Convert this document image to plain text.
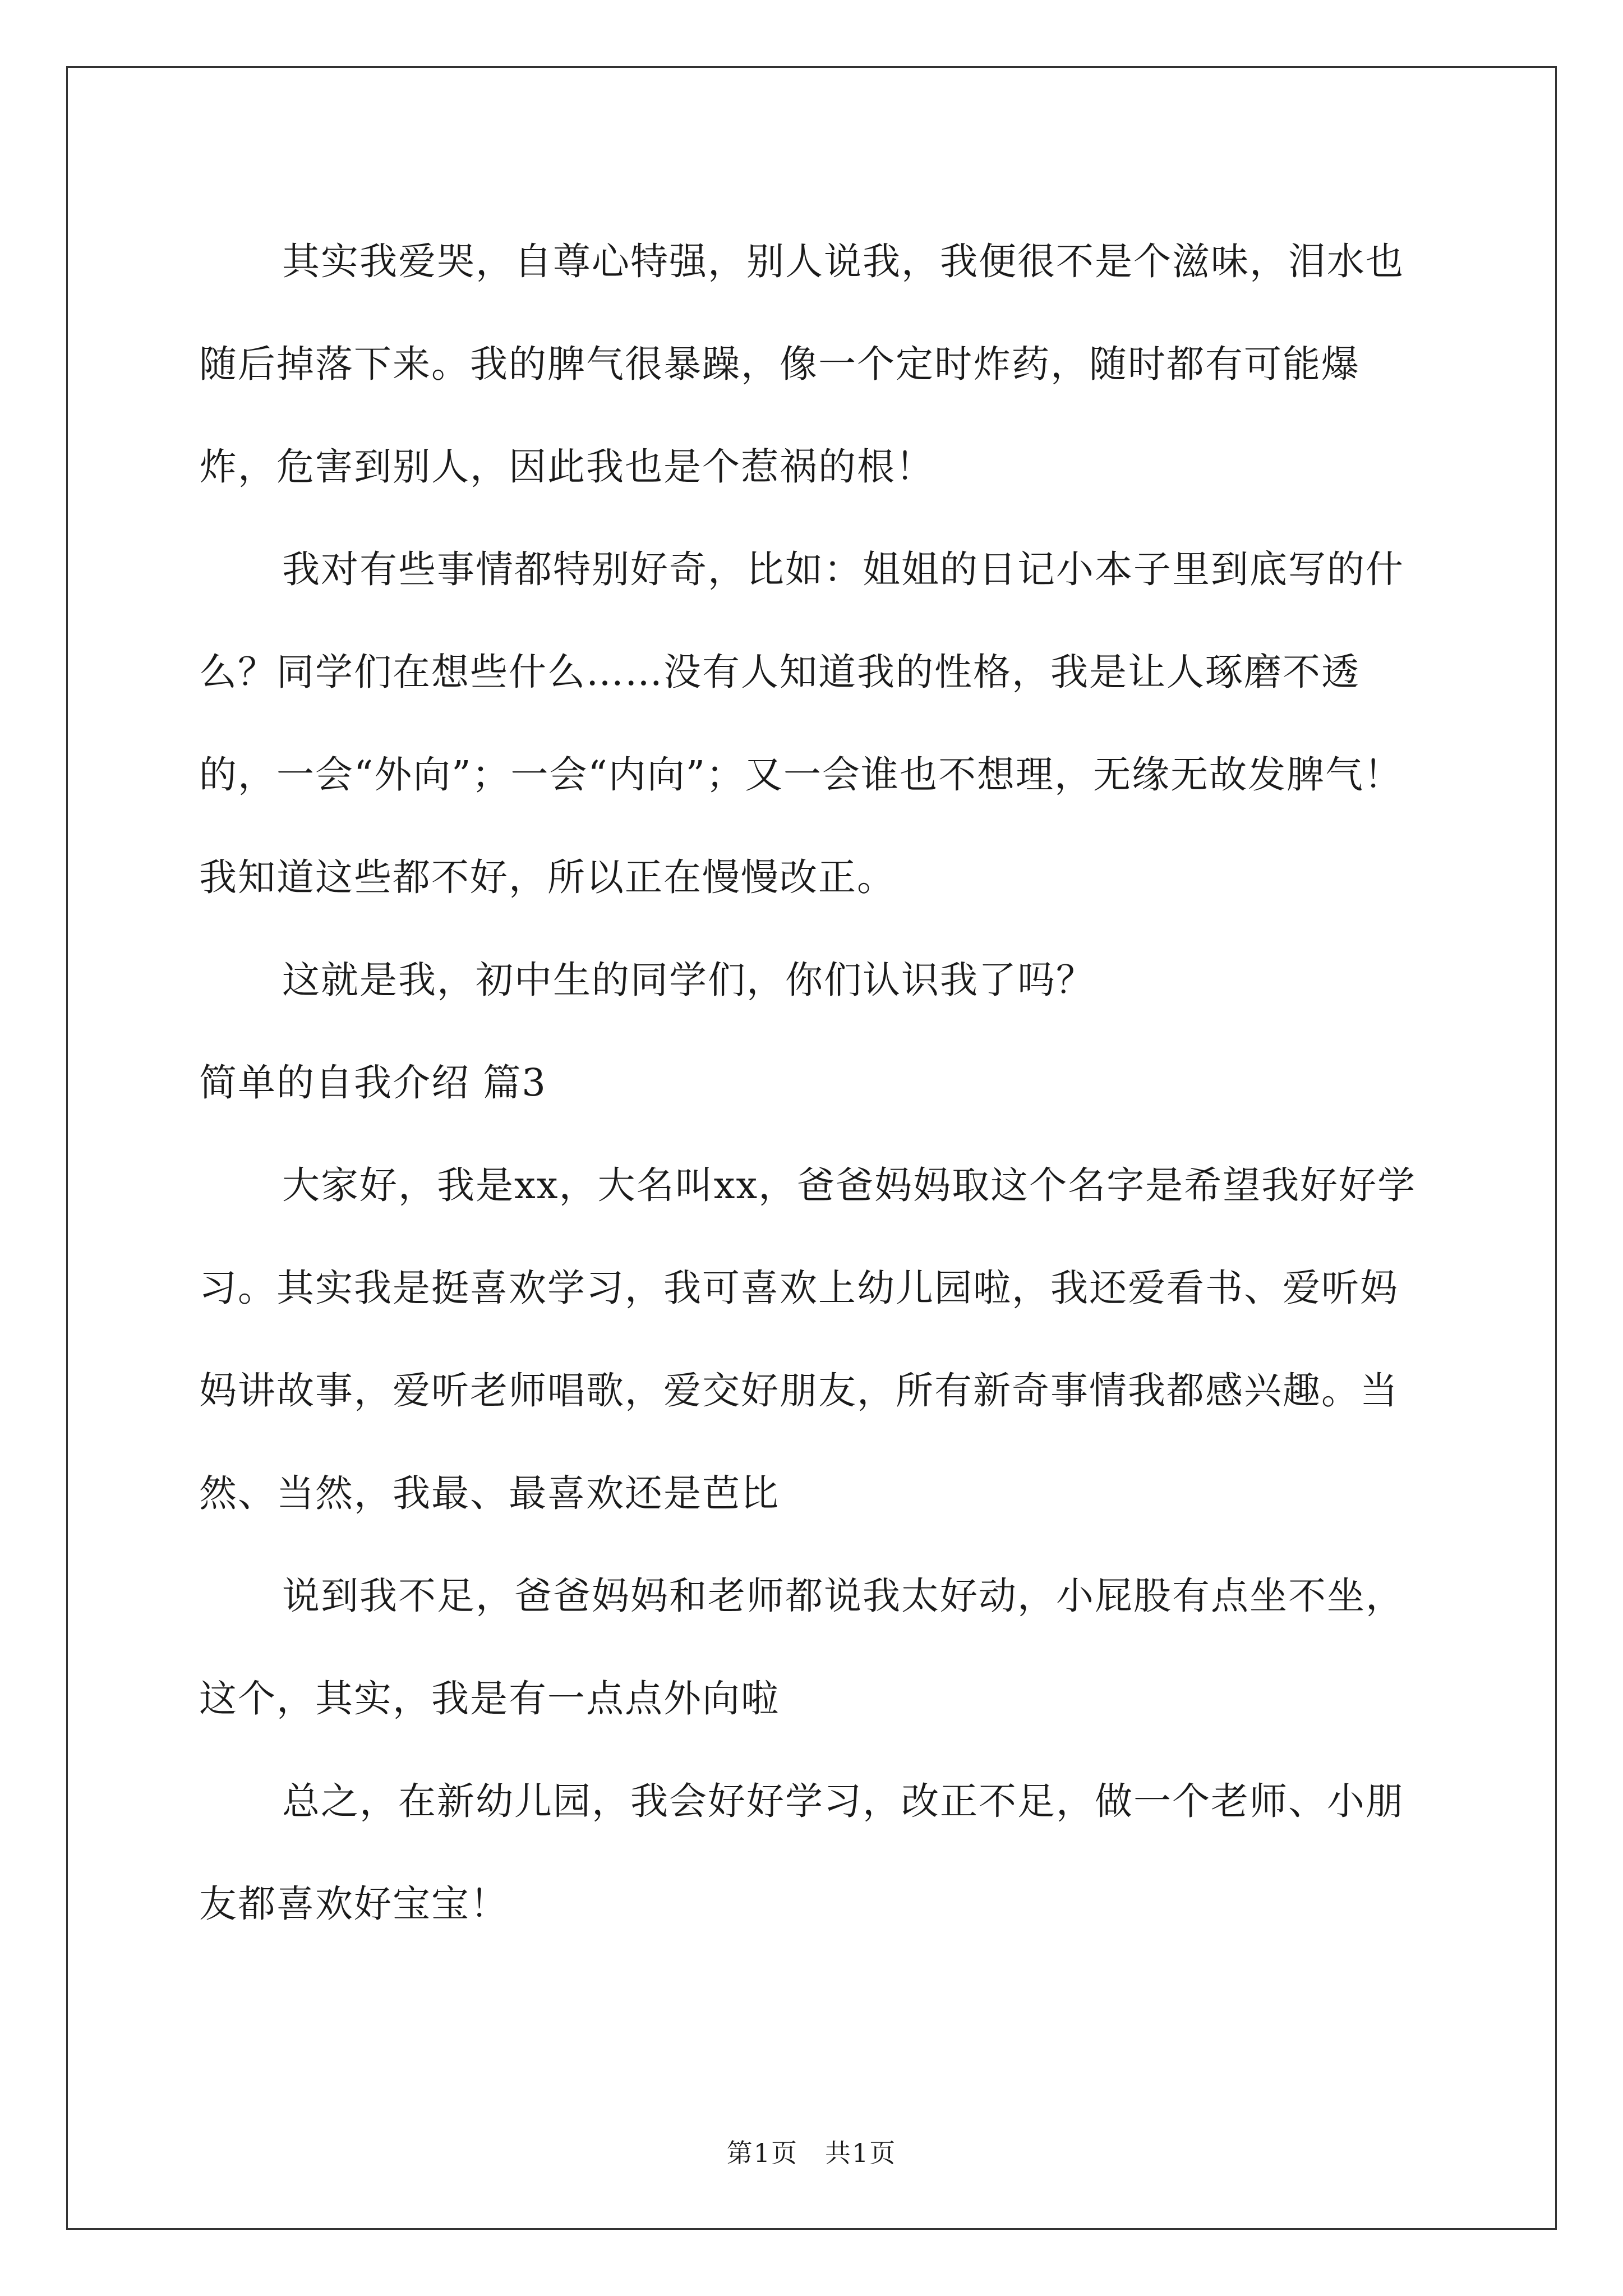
其实我爱哭，自尊心特强，别人说我，我便很不是个滋味，泪水也随后掉落下来。我的脾气很暴躁，像一个定时炸药，随时都有可能爆炸，危害到别人，因此我也是个惹祸的根！

我对有些事情都特别好奇，比如：姐姐的日记小本子里到底写的什么？同学们在想些什么……没有人知道我的性格，我是让人琢磨不透的，一会“外向”；一会“内向”；又一会谁也不想理，无缘无故发脾气！我知道这些都不好，所以正在慢慢改正。

这就是我，初中生的同学们，你们认识我了吗？

简单的自我介绍 篇3

大家好，我是xx，大名叫xx，爸爸妈妈取这个名字是希望我好好学习。其实我是挺喜欢学习，我可喜欢上幼儿园啦，我还爱看书、爱听妈妈讲故事，爱听老师唱歌，爱交好朋友，所有新奇事情我都感兴趣。当然、当然，我最、最喜欢还是芭比

说到我不足，爸爸妈妈和老师都说我太好动，小屁股有点坐不坐，这个，其实，我是有一点点外向啦

总之，在新幼儿园，我会好好学习，改正不足，做一个老师、小朋友都喜欢好宝宝！

第1页 共1页
